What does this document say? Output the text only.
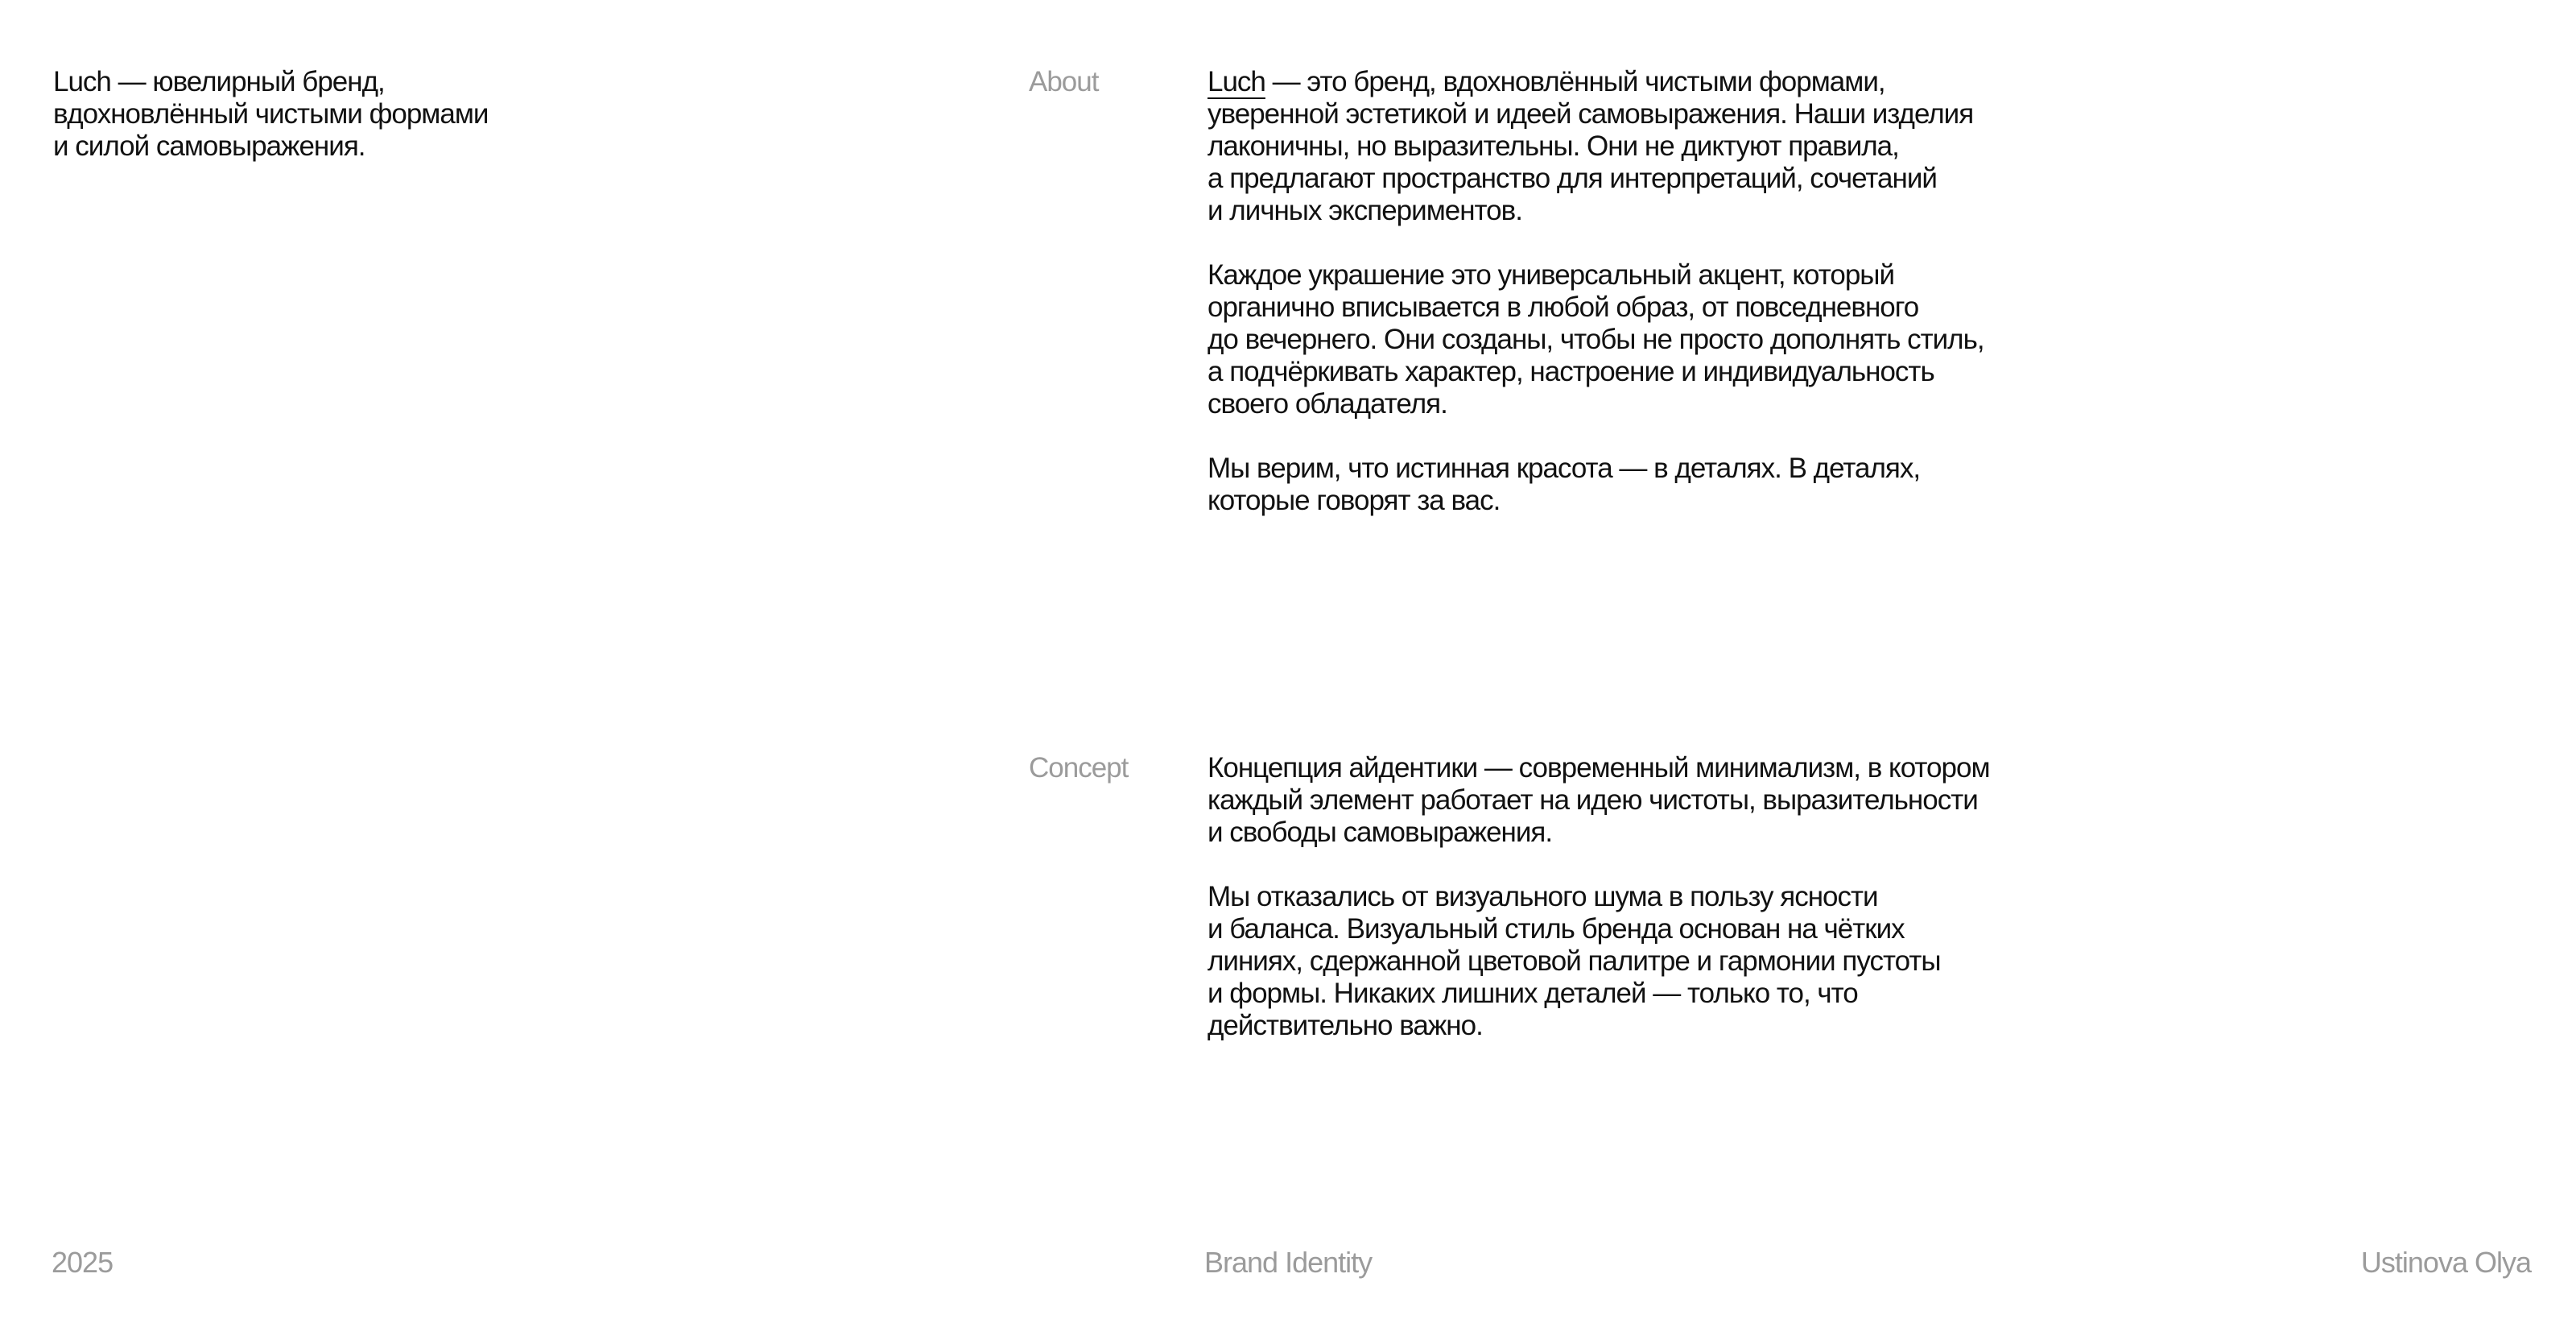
Luch — ювелирный бренд,
вдохновлённый чистыми формами
и силой самовыражения.
About	Luch — это бренд, вдохновлённый чистыми формами,
уверенной эстетикой и идеей самовыражения. Наши изделия
лаконичны, но выразительны. Они не диктуют правила,
а предлагают пространство для интерпретаций, сочетаний
и личных экспериментов.

Каждое украшение это универсальный акцент, который
органично вписывается в любой образ, от повседневного
до вечернего. Они созданы, чтобы не просто дополнять стиль,
а подчёркивать характер, настроение и индивидуальность
своего обладателя.

Мы верим, что истинная красота — в деталях. В деталях,
которые говорят за вас.

Concept	Концепция айдентики — современный минимализм, в котором
каждый элемент работает на идею чистоты, выразительности
и свободы самовыражения.

Мы отказались от визуального шума в пользу ясности
и баланса. Визуальный стиль бренда основан на чётких
линиях, сдержанной цветовой палитре и гармонии пустоты
и формы. Никаких лишних деталей — только то, что
действительно важно.

2025	Brand Identity	Ustinova Olya
